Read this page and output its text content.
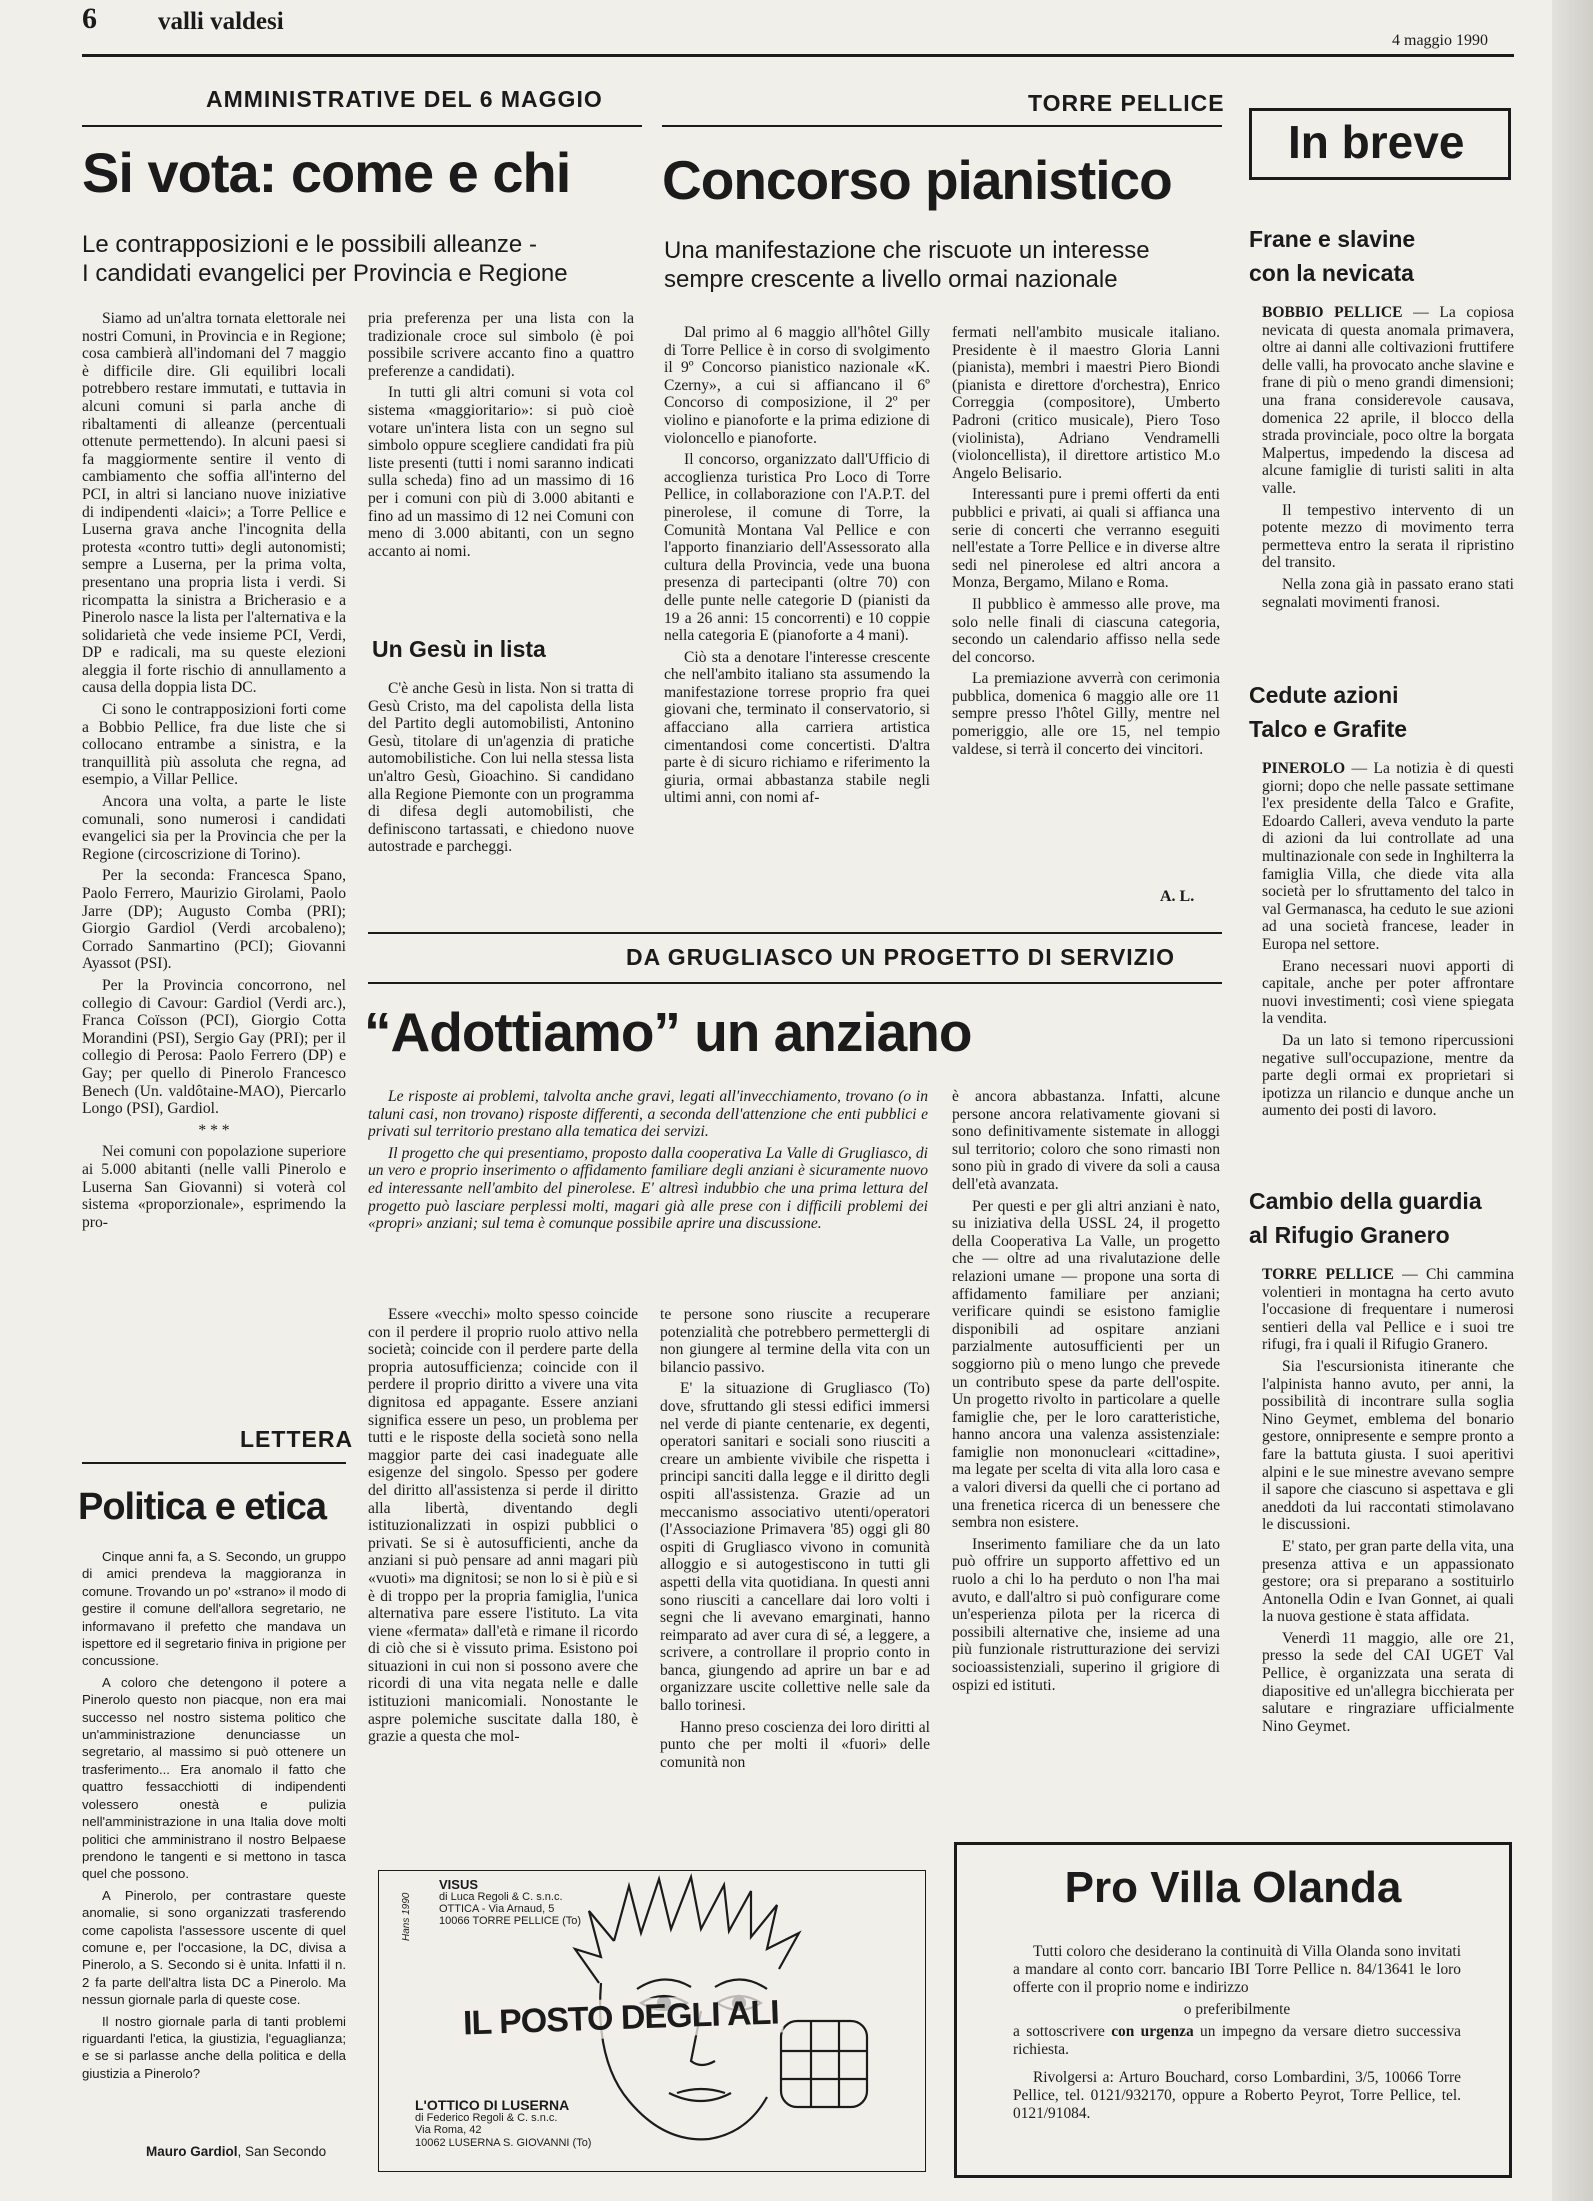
6 valli valdesi
4 maggio 1990
AMMINISTRATIVE DEL 6 MAGGIO
Si vota: come e chi
Le contrapposizioni e le possibili alleanze -
I candidati evangelici per Provincia e Regione

Siamo ad un'altra tornata elettorale nei nostri Comuni, in Provincia e in Regione; cosa cambierà all'indomani del 7 maggio è difficile dire. Gli equilibri locali potrebbero restare immutati, e tuttavia in alcuni comuni si parla anche di ribaltamenti di alleanze (percentuali ottenute permettendo). In alcuni paesi si fa maggiormente sentire il vento di cambiamento che soffia all'interno del PCI, in altri si lanciano nuove iniziative di indipendenti «laici»; a Torre Pellice e Luserna grava anche l'incognita della protesta «contro tutti» degli autonomisti; sempre a Luserna, per la prima volta, presentano una propria lista i verdi. Si ricompatta la sinistra a Bricherasio e a Pinerolo nasce la lista per l'alternativa e la solidarietà che vede insieme PCI, Verdi, DP e radicali, ma su queste elezioni aleggia il forte rischio di annullamento a causa della doppia lista DC.

Ci sono le contrapposizioni forti come a Bobbio Pellice, fra due liste che si collocano entrambe a sinistra, e la tranquillità più assoluta che regna, ad esempio, a Villar Pellice.

Ancora una volta, a parte le liste comunali, sono numerosi i candidati evangelici sia per la Provincia che per la Regione (circoscrizione di Torino).

Per la seconda: Francesca Spano, Paolo Ferrero, Maurizio Girolami, Paolo Jarre (DP); Augusto Comba (PRI); Giorgio Gardiol (Verdi arcobaleno); Corrado Sanmartino (PCI); Giovanni Ayassot (PSI).

Per la Provincia concorrono, nel collegio di Cavour: Gardiol (Verdi arc.), Franca Coïsson (PCI), Giorgio Cotta Morandini (PSI), Sergio Gay (PRI); per il collegio di Perosa: Paolo Ferrero (DP) e Gay; per quello di Pinerolo Francesco Benech (Un. valdôtaine-MAO), Piercarlo Longo (PSI), Gardiol.

* * *

Nei comuni con popolazione superiore ai 5.000 abitanti (nelle valli Pinerolo e Luserna San Giovanni) si voterà col sistema «proporzionale», esprimendo la pro-

pria preferenza per una lista con la tradizionale croce sul simbolo (è poi possibile scrivere accanto fino a quattro preferenze a candidati).

In tutti gli altri comuni si vota col sistema «maggioritario»: si può cioè votare un'intera lista con un segno sul simbolo oppure scegliere candidati fra più liste presenti (tutti i nomi saranno indicati sulla scheda) fino ad un massimo di 16 per i comuni con più di 3.000 abitanti e fino ad un massimo di 12 nei Comuni con meno di 3.000 abitanti, con un segno accanto ai nomi.

Un Gesù in lista

C'è anche Gesù in lista. Non si tratta di Gesù Cristo, ma del capolista della lista del Partito degli automobilisti, Antonino Gesù, titolare di un'agenzia di pratiche automobilistiche. Con lui nella stessa lista un'altro Gesù, Gioachino. Si candidano alla Regione Piemonte con un programma di difesa degli automobilisti, che definiscono tartassati, e chiedono nuove autostrade e parcheggi.

TORRE PELLICE
Concorso pianistico
Una manifestazione che riscuote un interesse
sempre crescente a livello ormai nazionale

Dal primo al 6 maggio all'hôtel Gilly di Torre Pellice è in corso di svolgimento il 9º Concorso pianistico nazionale «K. Czerny», a cui si affiancano il 6º Concorso di composizione, il 2º per violino e pianoforte e la prima edizione di violoncello e pianoforte.

Il concorso, organizzato dall'Ufficio di accoglienza turistica Pro Loco di Torre Pellice, in collaborazione con l'A.P.T. del pinerolese, il comune di Torre, la Comunità Montana Val Pellice e con l'apporto finanziario dell'Assessorato alla cultura della Provincia, vede una buona presenza di partecipanti (oltre 70) con delle punte nelle categorie D (pianisti da 19 a 26 anni: 15 concorrenti) e 10 coppie nella categoria E (pianoforte a 4 mani).

Ciò sta a denotare l'interesse crescente che nell'ambito italiano sta assumendo la manifestazione torrese proprio fra quei giovani che, terminato il conservatorio, si affacciano alla carriera artistica cimentandosi come concertisti. D'altra parte è di sicuro richiamo e riferimento la giuria, ormai abbastanza stabile negli ultimi anni, con nomi af-

fermati nell'ambito musicale italiano. Presidente è il maestro Gloria Lanni (pianista), membri i maestri Piero Biondi (pianista e direttore d'orchestra), Enrico Correggia (compositore), Umberto Padroni (critico musicale), Piero Toso (violinista), Adriano Vendramelli (violoncellista), il direttore artistico M.o Angelo Belisario.

Interessanti pure i premi offerti da enti pubblici e privati, ai quali si affianca una serie di concerti che verranno eseguiti nell'estate a Torre Pellice e in diverse altre sedi nel pinerolese ed altri ancora a Monza, Bergamo, Milano e Roma.

Il pubblico è ammesso alle prove, ma solo nelle finali di ciascuna categoria, secondo un calendario affisso nella sede del concorso.

La premiazione avverrà con cerimonia pubblica, domenica 6 maggio alle ore 11 sempre presso l'hôtel Gilly, mentre nel pomeriggio, alle ore 15, nel tempio valdese, si terrà il concerto dei vincitori.

A. L.
DA GRUGLIASCO UN PROGETTO DI SERVIZIO
“Adottiamo” un anziano

Le risposte ai problemi, talvolta anche gravi, legati all'invecchiamento, trovano (o in taluni casi, non trovano) risposte differenti, a seconda dell'attenzione che enti pubblici e privati sul territorio prestano alla tematica dei servizi.

Il progetto che qui presentiamo, proposto dalla cooperativa La Valle di Grugliasco, di un vero e proprio inserimento o affidamento familiare degli anziani è sicuramente nuovo ed interessante nell'ambito del pinerolese. E' altresì indubbio che una prima lettura del progetto può lasciare perplessi molti, magari già alle prese con i difficili problemi dei «propri» anziani; sul tema è comunque possibile aprire una discussione.

Essere «vecchi» molto spesso coincide con il perdere il proprio ruolo attivo nella società; coincide con il perdere parte della propria autosufficienza; coincide con il perdere il proprio diritto a vivere una vita dignitosa ed appagante. Essere anziani significa essere un peso, un problema per tutti e le risposte della società sono nella maggior parte dei casi inadeguate alle esigenze del singolo. Spesso per godere del diritto all'assistenza si perde il diritto alla libertà, diventando degli istituzionalizzati in ospizi pubblici o privati. Se si è autosufficienti, anche da anziani si può pensare ad anni magari più «vuoti» ma dignitosi; se non lo si è più e si è di troppo per la propria famiglia, l'unica alternativa pare essere l'istituto. La vita viene «fermata» dall'età e rimane il ricordo di ciò che si è vissuto prima. Esistono poi situazioni in cui non si possono avere che ricordi di una vita negata nelle e dalle istituzioni manicomiali. Nonostante le aspre polemiche suscitate dalla 180, è grazie a questa che mol-

te persone sono riuscite a recuperare potenzialità che potrebbero permettergli di non giungere al termine della vita con un bilancio passivo.

E' la situazione di Grugliasco (To) dove, sfruttando gli stessi edifici immersi nel verde di piante centenarie, ex degenti, operatori sanitari e sociali sono riusciti a creare un ambiente vivibile che rispetta i principi sanciti dalla legge e il diritto degli ospiti all'assistenza. Grazie ad un meccanismo associativo utenti/operatori (l'Associazione Primavera '85) oggi gli 80 ospiti di Grugliasco vivono in comunità alloggio e si autogestiscono in tutti gli aspetti della vita quotidiana. In questi anni sono riusciti a cancellare dai loro volti i segni che li avevano emarginati, hanno reimparato ad aver cura di sé, a leggere, a scrivere, a controllare il proprio conto in banca, giungendo ad aprire un bar e ad organizzare uscite collettive nelle sale da ballo torinesi.

Hanno preso coscienza dei loro diritti al punto che per molti il «fuori» delle comunità non

è ancora abbastanza. Infatti, alcune persone ancora relativamente giovani si sono definitivamente sistemate in alloggi sul territorio; coloro che sono rimasti non sono più in grado di vivere da soli a causa dell'età avanzata.

Per questi e per gli altri anziani è nato, su iniziativa della USSL 24, il progetto della Cooperativa La Valle, un progetto che — oltre ad una rivalutazione delle relazioni umane — propone una sorta di affidamento familiare per anziani; verificare quindi se esistono famiglie disponibili ad ospitare anziani parzialmente autosufficienti per un soggiorno più o meno lungo che prevede un contributo spese da parte dell'ospite. Un progetto rivolto in particolare a quelle famiglie che, per le loro caratteristiche, hanno ancora una valenza assistenziale: famiglie non mononucleari «cittadine», ma legate per scelta di vita alla loro casa e a valori diversi da quelli che ci portano ad una frenetica ricerca di un benessere che sembra non esistere.

Inserimento familiare che da un lato può offrire un supporto affettivo ed un ruolo a chi lo ha perduto o non l'ha mai avuto, e dall'altro si può configurare come un'esperienza pilota per la ricerca di possibili alternative che, insieme ad una più funzionale ristrutturazione dei servizi socioassistenziali, superino il grigiore di ospizi ed istituti.

LETTERA
Politica e etica

Cinque anni fa, a S. Secondo, un gruppo di amici prendeva la maggioranza in comune. Trovando un po' «strano» il modo di gestire il comune dell'allora segretario, ne informavano il prefetto che mandava un ispettore ed il segretario finiva in prigione per concussione.

A coloro che detengono il potere a Pinerolo questo non piacque, non era mai successo nel nostro sistema politico che un'amministrazione denunciasse un segretario, al massimo si può ottenere un trasferimento... Era anomalo il fatto che quattro fessacchiotti di indipendenti volessero onestà e pulizia nell'amministrazione in una Italia dove molti politici che amministrano il nostro Belpaese prendono le tangenti e si mettono in tasca quel che possono.

A Pinerolo, per contrastare queste anomalie, si sono organizzati trasferendo come capolista l'assessore uscente di quel comune e, per l'occasione, la DC, divisa a Pinerolo, a S. Secondo si è unita. Infatti il n. 2 fa parte dell'altra lista DC a Pinerolo. Ma nessun giornale parla di queste cose.

Il nostro giornale parla di tanti problemi riguardanti l'etica, la giustizia, l'eguaglianza; e se si parlasse anche della politica e della giustizia a Pinerolo?

Mauro Gardiol, San Secondo
In breve
Frane e slavine
con la nevicata

BOBBIO PELLICE — La copiosa nevicata di questa anomala primavera, oltre ai danni alle coltivazioni fruttifere delle valli, ha provocato anche slavine e frane di più o meno grandi dimensioni; una frana considerevole causava, domenica 22 aprile, il blocco della strada provinciale, poco oltre la borgata Malpertus, impedendo la discesa ad alcune famiglie di turisti saliti in alta valle.

Il tempestivo intervento di un potente mezzo di movimento terra permetteva entro la serata il ripristino del transito.

Nella zona già in passato erano stati segnalati movimenti franosi.

Cedute azioni
Talco e Grafite

PINEROLO — La notizia è di questi giorni; dopo che nelle passate settimane l'ex presidente della Talco e Grafite, Edoardo Calleri, aveva venduto la parte di azioni da lui controllate ad una multinazionale con sede in Inghilterra la famiglia Villa, che diede vita alla società per lo sfruttamento del talco in val Germanasca, ha ceduto le sue azioni ad una società francese, leader in Europa nel settore.

Erano necessari nuovi apporti di capitale, anche per poter affrontare nuovi investimenti; così viene spiegata la vendita.

Da un lato si temono ripercussioni negative sull'occupazione, mentre da parte degli ormai ex proprietari si ipotizza un rilancio e dunque anche un aumento dei posti di lavoro.

Cambio della guardia
al Rifugio Granero

TORRE PELLICE — Chi cammina volentieri in montagna ha certo avuto l'occasione di frequentare i numerosi sentieri della val Pellice e i suoi tre rifugi, fra i quali il Rifugio Granero.

Sia l'escursionista itinerante che l'alpinista hanno avuto, per anni, la possibilità di incontrare sulla soglia Nino Geymet, emblema del bonario gestore, onnipresente e sempre pronto a fare la battuta giusta. I suoi aperitivi alpini e le sue minestre avevano sempre il sapore che ciascuno si aspettava e gli aneddoti da lui raccontati stimolavano le discussioni.

E' stato, per gran parte della vita, una presenza attiva e un appassionato gestore; ora si preparano a sostituirlo Antonella Odin e Ivan Gonnet, ai quali la nuova gestione è stata affidata.

Venerdì 11 maggio, alle ore 21, presso la sede del CAI UGET Val Pellice, è organizzata una serata di diapositive ed un'allegra bicchierata per salutare e ringraziare ufficialmente Nino Geymet.

Pro Villa Olanda

Tutti coloro che desiderano la continuità di Villa Olanda sono invitati a mandare al conto corr. bancario IBI Torre Pellice n. 84/13641 le loro offerte con il proprio nome e indirizzo

o preferibilmente

a sottoscrivere con urgenza un impegno da versare dietro successiva richiesta.

Rivolgersi a: Arturo Bouchard, corso Lombardini, 3/5, 10066 Torre Pellice, tel. 0121/932170, oppure a Roberto Peyrot, Torre Pellice, tel. 0121/91084.

VISUS
di Luca Regoli & C. s.n.c.
OTTICA - Via Arnaud, 5
10066 TORRE PELLICE (To)
Hans 1990
IL POSTO DEGLI ALI
L'OTTICO DI LUSERNA
di Federico Regoli & C. s.n.c.
Via Roma, 42
10062 LUSERNA S. GIOVANNI (To)
